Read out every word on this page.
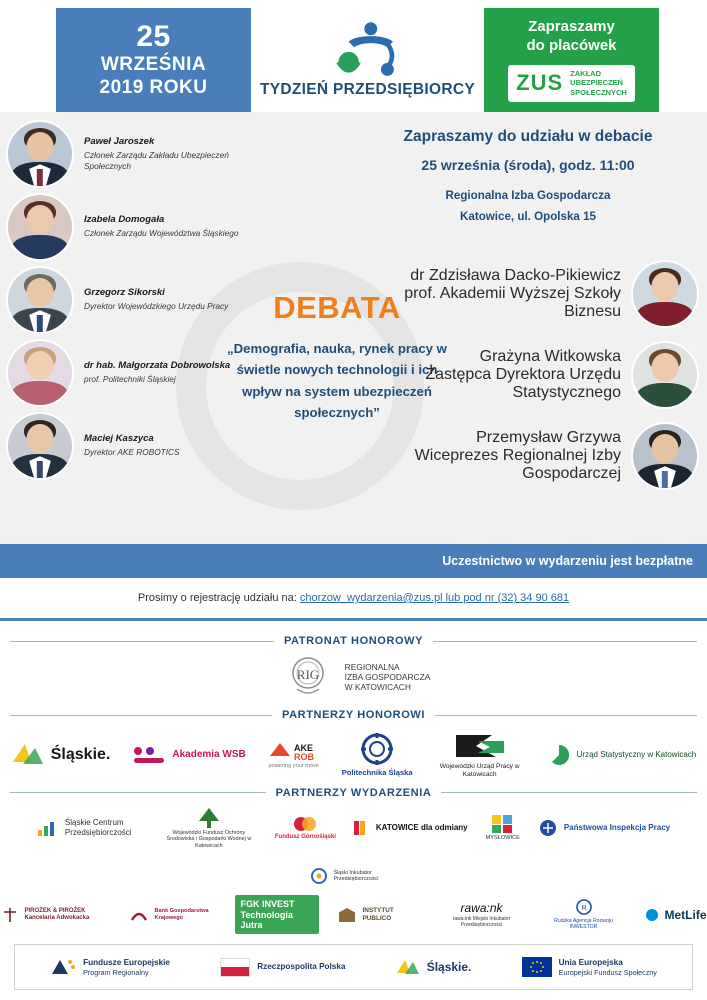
25
WRZEŚNIA
2019 ROKU	TYDZIEŃ PRZEDSIĘBIORCY
Zapraszamy
do placówek
ZUS ZAKŁAD
UBEZPIECZEŃ
SPOŁECZNYCH
Paweł Jaroszek
Członek Zarządu Zakładu Ubezpieczeń Społecznych
Izabela Domogała
Członek Zarządu Województwa Śląskiego
Grzegorz Sikorski
Dyrektor Wojewódzkiego Urzędu Pracy
dr hab. Małgorzata Dobrowolska
prof. Politechniki Śląskiej
Maciej Kaszyca
Dyrektor AKE ROBOTICS
Zapraszamy do udziału w debacie
25 września (środa), godz. 11:00
Regionalna Izba Gospodarcza
Katowice, ul. Opolska 15
DEBATA

„Demografia, nauka, rynek pracy w świetle nowych technologii i ich wpływ na system ubezpieczeń społecznych”

dr Zdzisława Dacko-Pikiewicz
prof. Akademii Wyższej Szkoły Biznesu
Grażyna Witkowska
Zastępca Dyrektora Urzędu Statystycznego
Przemysław Grzywa
Wiceprezes Regionalnej Izby Gospodarczej
Uczestnictwo w wydarzeniu jest bezpłatne
Prosimy o rejestrację udziału na:
chorzow_wydarzenia@zus.pl lub pod nr (32) 34 90 681
PATRONAT HONOROWY
RIG
REGIONALNA
IZBA GOSPODARCZA
W KATOWICACH
PARTNERZY HONOROWI
Śląskie.	Akademia WSB
AKE
ROB
powering your move
Politechnika Śląska
Wojewódzki Urząd Pracy w Katowicach
Urząd Statystyczny w Katowicach
PARTNERZY WYDARZENIA
Śląskie Centrum Przedsiębiorczości	Wojewódzki Fundusz Ochrony Środowiska i Gospodarki Wodnej w Katowicach
Fundusz Górnośląski
KATOWICE dla odmiany
MYSŁOWICE
Państwowa Inspekcja Pracy
Śląski Inkubator Przedsiębiorczości
PIROŻEK & PIROŻEK Kancelaria Adwokacka
Bank Gospodarstwa Krajowego
FGK INVEST Technologia Jutra
INSTYTUT PUBLICO
rawa:nk
rawa:ink Miejski Inkubator Przedsiębiorczości
R
Rudzka Agencja Rozwoju INWESTOR
MetLife
Fundusze Europejskie
Program Regionalny
Rzeczpospolita Polska	Śląskie.	Unia Europejska
Europejski Fundusz Społeczny
